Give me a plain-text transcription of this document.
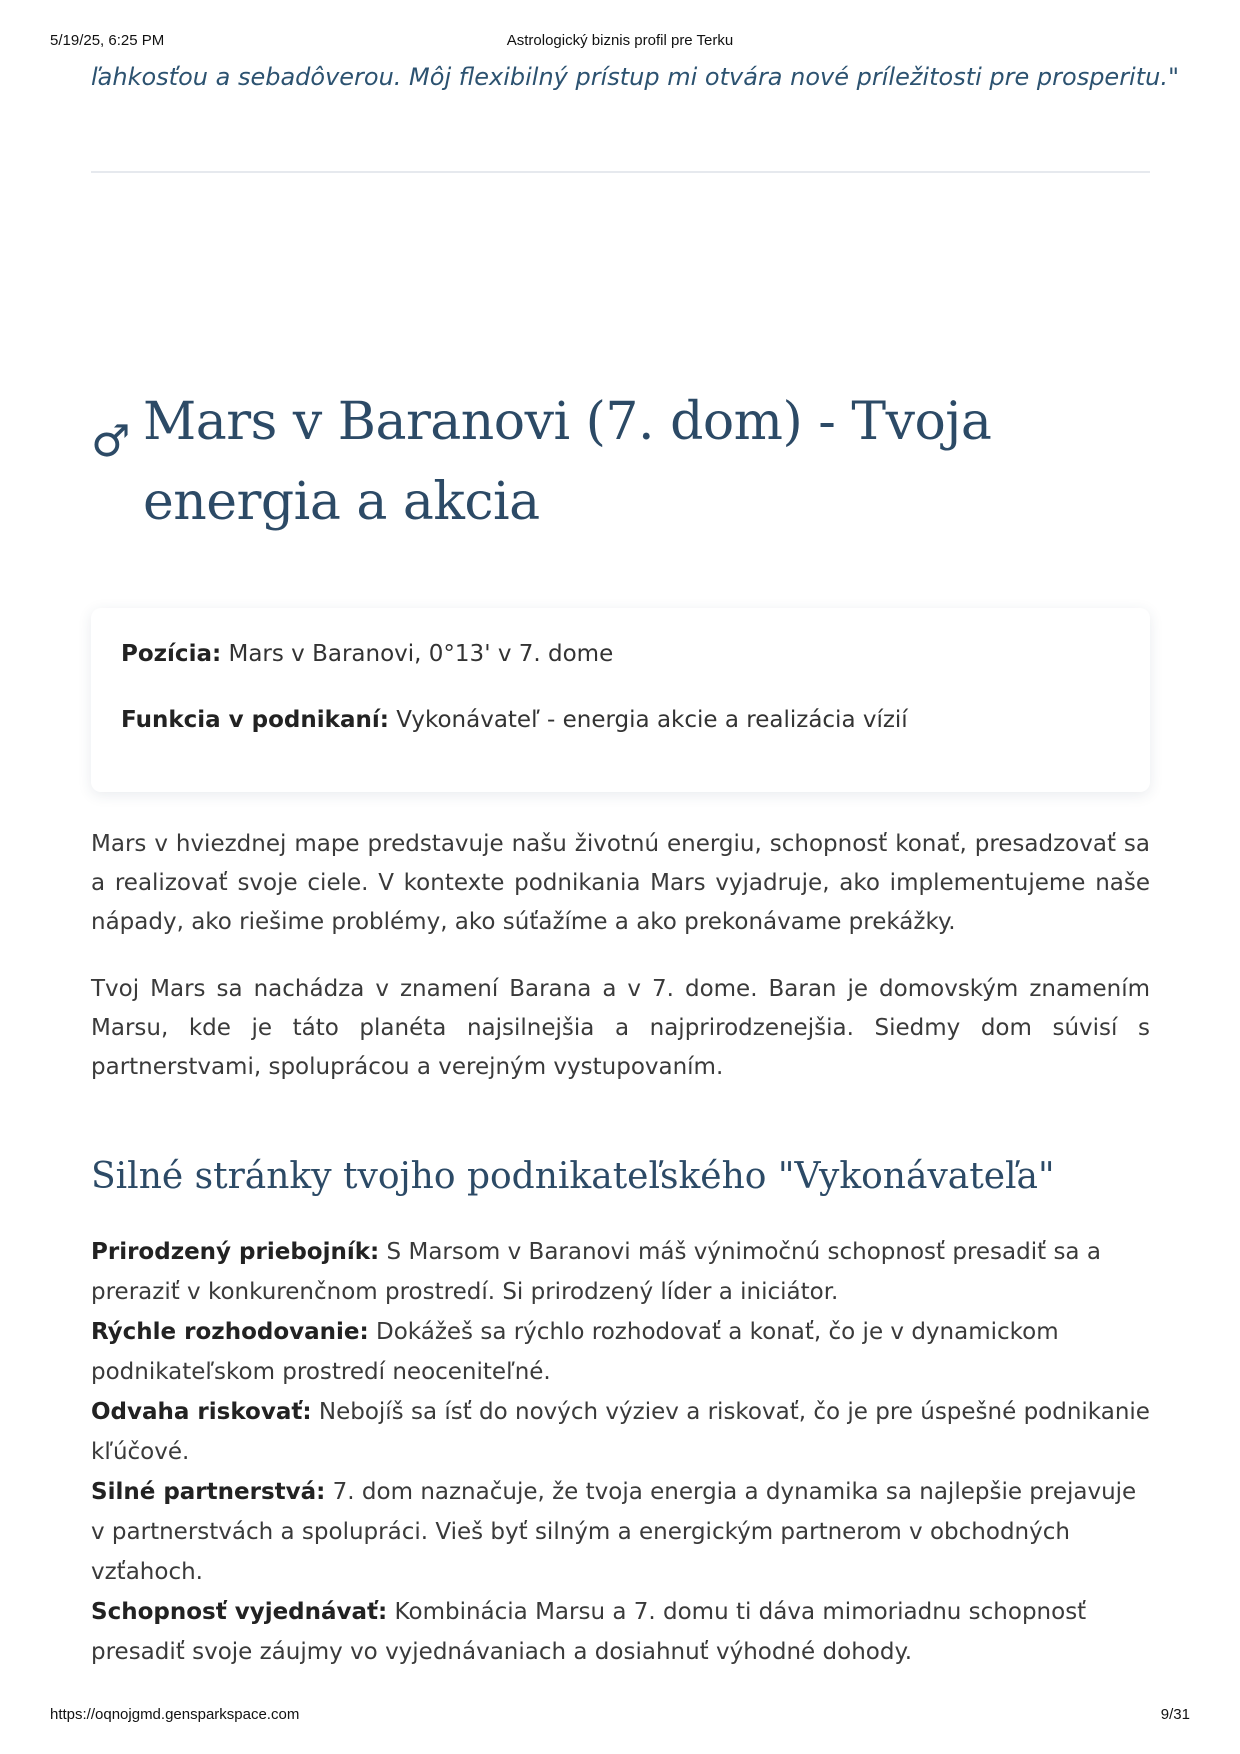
5/19/25, 6:25 PM	Astrologický biznis profil pre Terku
ľahkosťou a sebadôverou. Môj flexibilný prístup mi otvára nové príležitosti pre prosperitu."
♂ Mars v Baranovi (7. dom) - Tvoja energia a akcia
Pozícia: Mars v Baranovi, 0°13' v 7. dome
Funkcia v podnikaní: Vykonávateľ - energia akcie a realizácia vízií

Mars v hviezdnej mape predstavuje našu životnú energiu, schopnosť konať, presadzovať sa a realizovať svoje ciele. V kontexte podnikania Mars vyjadruje, ako implementujeme naše nápady, ako riešime problémy, ako súťažíme a ako prekonávame prekážky.

Tvoj Mars sa nachádza v znamení Barana a v 7. dome. Baran je domovským znamením Marsu, kde je táto planéta najsilnejšia a najprirodzenejšia. Siedmy dom súvisí s partnerstvami, spoluprácou a verejným vystupovaním.

Silné stránky tvojho podnikateľského "Vykonávateľa"
Prirodzený priebojník: S Marsom v Baranovi máš výnimočnú schopnosť presadiť sa a preraziť v konkurenčnom prostredí. Si prirodzený líder a iniciátor.
Rýchle rozhodovanie: Dokážeš sa rýchlo rozhodovať a konať, čo je v dynamickom podnikateľskom prostredí neoceniteľné.
Odvaha riskovať: Nebojíš sa ísť do nových výziev a riskovať, čo je pre úspešné podnikanie kľúčové.
Silné partnerstvá: 7. dom naznačuje, že tvoja energia a dynamika sa najlepšie prejavuje v partnerstvách a spolupráci. Vieš byť silným a energickým partnerom v obchodných vzťahoch.
Schopnosť vyjednávať: Kombinácia Marsu a 7. domu ti dáva mimoriadnu schopnosť presadiť svoje záujmy vo vyjednávaniach a dosiahnuť výhodné dohody.
https://oqnojgmd.gensparkspace.com	9/31
